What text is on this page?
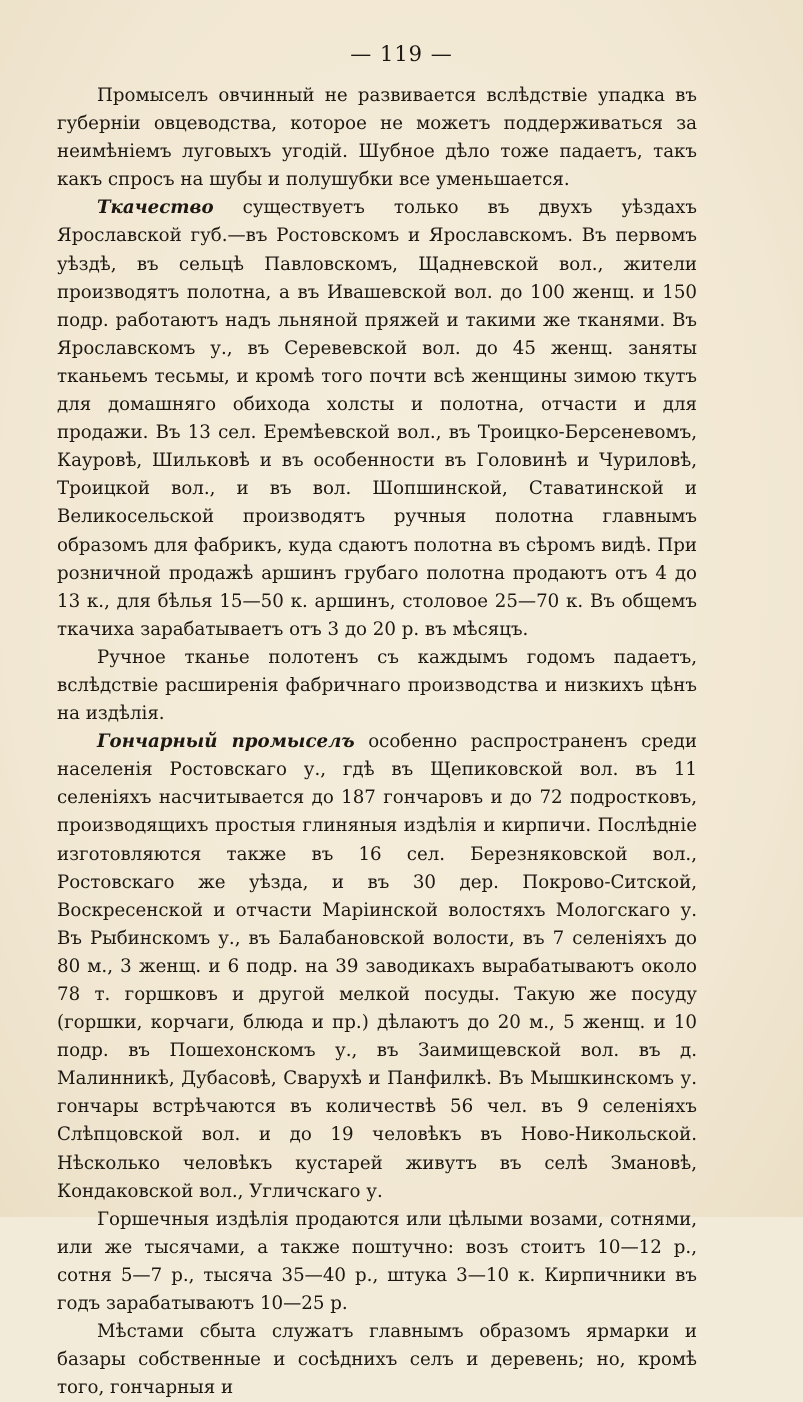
— 119 —

Промыселъ овчинный не развивается вслѣдствіе упадка въ губерніи овцеводства, которое не можетъ поддерживаться за неимѣніемъ луговыхъ угодій. Шубное дѣло тоже падаетъ, такъ какъ спросъ на шубы и полушубки все уменьшается.

Ткачество существуетъ только въ двухъ уѣздахъ Ярославской губ.—въ Ростовскомъ и Ярославскомъ. Въ первомъ уѣздѣ, въ сельцѣ Павловскомъ, Щадневской вол., жители производятъ полотна, а въ Ивашевской вол. до 100 женщ. и 150 подр. работаютъ надъ льняной пряжей и такими же тканями. Въ Ярославскомъ у., въ Серевевской вол. до 45 женщ. заняты тканьемъ тесьмы, и кромѣ того почти всѣ женщины зимою ткутъ для домашняго обихода холсты и полотна, отчасти и для продажи. Въ 13 сел. Еремѣевской вол., въ Троицко-Берсеневомъ, Кауровѣ, Шильковѣ и въ особенности въ Головинѣ и Чуриловѣ, Троицкой вол., и въ вол. Шопшинской, Ставатинской и Великосельской производятъ ручныя полотна главнымъ образомъ для фабрикъ, куда сдаютъ полотна въ сѣромъ видѣ. При розничной продажѣ аршинъ грубаго полотна продаютъ отъ 4 до 13 к., для бѣлья 15—50 к. аршинъ, столовое 25—70 к. Въ общемъ ткачиха зарабатываетъ отъ 3 до 20 р. въ мѣсяцъ.

Ручное тканье полотенъ съ каждымъ годомъ падаетъ, вслѣдствіе расширенія фабричнаго производства и низкихъ цѣнъ на издѣлія.

Гончарный промыселъ особенно распространенъ среди населенія Ростовскаго у., гдѣ въ Щепиковской вол. въ 11 селеніяхъ насчитывается до 187 гончаровъ и до 72 подростковъ, производящихъ простыя глиняныя издѣлія и кирпичи. Послѣдніе изготовляются также въ 16 сел. Березняковской вол., Ростовскаго же уѣзда, и въ 30 дер. Покрово-Ситской, Воскресенской и отчасти Маріинской волостяхъ Мологскаго у. Въ Рыбинскомъ у., въ Балабановской волости, въ 7 селеніяхъ до 80 м., 3 женщ. и 6 подр. на 39 заводикахъ вырабатываютъ около 78 т. горшковъ и другой мелкой посуды. Такую же посуду (горшки, корчаги, блюда и пр.) дѣлаютъ до 20 м., 5 женщ. и 10 подр. въ Пошехонскомъ у., въ Заимищевской вол. въ д. Малинникѣ, Дубасовѣ, Сварухѣ и Панфилкѣ. Въ Мышкинскомъ у. гончары встрѣчаются въ количествѣ 56 чел. въ 9 селеніяхъ Слѣпцовской вол. и до 19 человѣкъ въ Ново-Никольской. Нѣсколько человѣкъ кустарей живутъ въ селѣ Змановѣ, Кондаковской вол., Угличскаго у.

Горшечныя издѣлія продаются или цѣлыми возами, сотнями, или же тысячами, а также поштучно: возъ стоитъ 10—12 р., сотня 5—7 р., тысяча 35—40 р., штука 3—10 к. Кирпичники въ годъ зарабатываютъ 10—25 р.

Мѣстами сбыта служатъ главнымъ образомъ ярмарки и базары собственные и сосѣднихъ селъ и деревень; но, кромѣ того, гончарныя и
